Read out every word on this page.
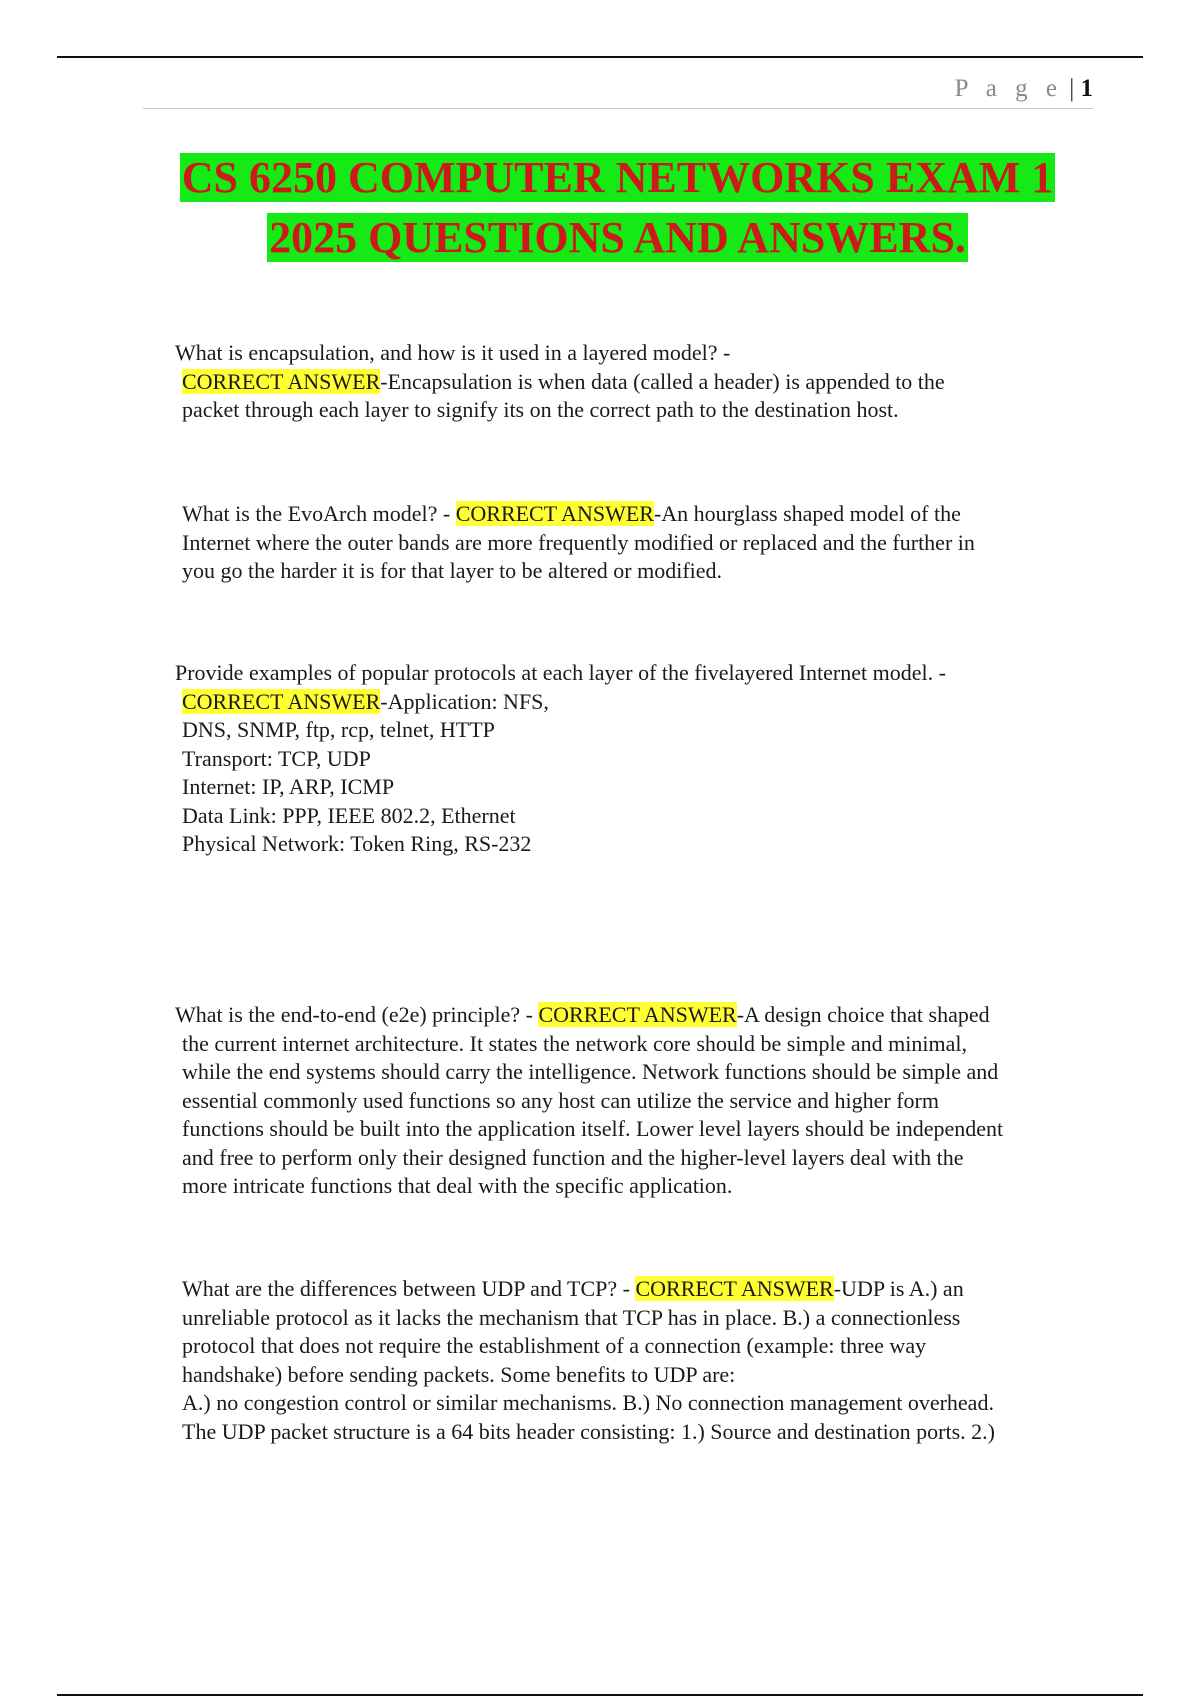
P a g e | 1
CS 6250 COMPUTER NETWORKS EXAM 1
2025 QUESTIONS AND ANSWERS.
What is encapsulation, and how is it used in a layered model? -
CORRECT ANSWER-Encapsulation is when data (called a header) is appended to the
packet through each layer to signify its on the correct path to the destination host.
What is the EvoArch model? - CORRECT ANSWER-An hourglass shaped model of the
Internet where the outer bands are more frequently modified or replaced and the further in
you go the harder it is for that layer to be altered or modified.
Provide examples of popular protocols at each layer of the fivelayered Internet model. -
CORRECT ANSWER-Application: NFS,
DNS, SNMP, ftp, rcp, telnet, HTTP
Transport: TCP, UDP
Internet: IP, ARP, ICMP
Data Link: PPP, IEEE 802.2, Ethernet
Physical Network: Token Ring, RS-232
What is the end-to-end (e2e) principle? - CORRECT ANSWER-A design choice that shaped
the current internet architecture. It states the network core should be simple and minimal,
while the end systems should carry the intelligence. Network functions should be simple and
essential commonly used functions so any host can utilize the service and higher form
functions should be built into the application itself. Lower level layers should be independent
and free to perform only their designed function and the higher-level layers deal with the
more intricate functions that deal with the specific application.
What are the differences between UDP and TCP? - CORRECT ANSWER-UDP is A.) an
unreliable protocol as it lacks the mechanism that TCP has in place. B.) a connectionless
protocol that does not require the establishment of a connection (example: three way
handshake) before sending packets. Some benefits to UDP are:
A.) no congestion control or similar mechanisms. B.) No connection management overhead.
The UDP packet structure is a 64 bits header consisting: 1.) Source and destination ports. 2.)
